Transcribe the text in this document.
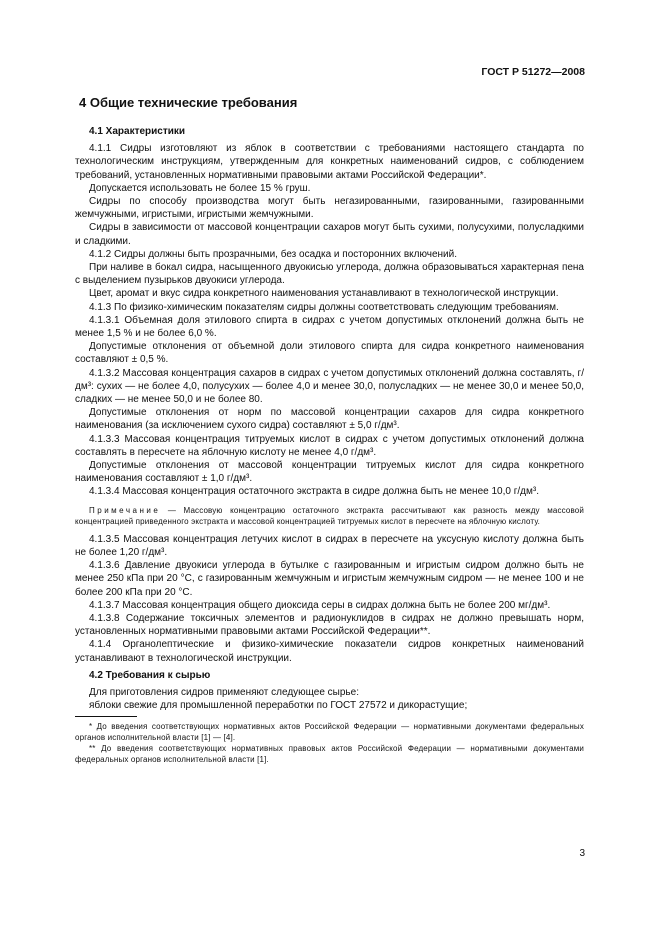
ГОСТ Р 51272—2008

4 Общие технические требования

4.1 Характеристики

4.1.1 Сидры изготовляют из яблок в соответствии с требованиями настоящего стандарта по технологическим инструкциям, утвержденным для конкретных наименований сидров, с соблюдением требований, установленных нормативными правовыми актами Российской Федерации*.

Допускается использовать не более 15 % груш.

Сидры по способу производства могут быть негазированными, газированными, газированными жемчужными, игристыми, игристыми жемчужными.

Сидры в зависимости от массовой концентрации сахаров могут быть сухими, полусухими, полусладкими и сладкими.

4.1.2 Сидры должны быть прозрачными, без осадка и посторонних включений.

При наливе в бокал сидра, насыщенного двуокисью углерода, должна образовываться характерная пена с выделением пузырьков двуокиси углерода.

Цвет, аромат и вкус сидра конкретного наименования устанавливают в технологической инструкции.

4.1.3 По физико-химическим показателям сидры должны соответствовать следующим требованиям.

4.1.3.1 Объемная доля этилового спирта в сидрах с учетом допустимых отклонений должна быть не менее 1,5 % и не более 6,0 %.

Допустимые отклонения от объемной доли этилового спирта для сидра конкретного наименования составляют ± 0,5 %.

4.1.3.2 Массовая концентрация сахаров в сидрах с учетом допустимых отклонений должна составлять, г/дм³: сухих — не более 4,0, полусухих — более 4,0 и менее 30,0, полусладких — не менее 30,0 и менее 50,0, сладких — не менее 50,0 и не более 80.

Допустимые отклонения от норм по массовой концентрации сахаров для сидра конкретного наименования (за исключением сухого сидра) составляют ± 5,0 г/дм³.

4.1.3.3 Массовая концентрация титруемых кислот в сидрах с учетом допустимых отклонений должна составлять в пересчете на яблочную кислоту не менее 4,0 г/дм³.

Допустимые отклонения от массовой концентрации титруемых кислот для сидра конкретного наименования составляют ± 1,0 г/дм³.

4.1.3.4 Массовая концентрация остаточного экстракта в сидре должна быть не менее 10,0 г/дм³.

Примечание — Массовую концентрацию остаточного экстракта рассчитывают как разность между массовой концентрацией приведенного экстракта и массовой концентрацией титруемых кислот в пересчете на яблочную кислоту.

4.1.3.5 Массовая концентрация летучих кислот в сидрах в пересчете на уксусную кислоту должна быть не более 1,20 г/дм³.

4.1.3.6 Давление двуокиси углерода в бутылке с газированным и игристым сидром должно быть не менее 250 кПа при 20 °С, с газированным жемчужным и игристым жемчужным сидром — не менее 100 и не более 200 кПа при 20 °С.

4.1.3.7 Массовая концентрация общего диоксида серы в сидрах должна быть не более 200 мг/дм³.

4.1.3.8 Содержание токсичных элементов и радионуклидов в сидрах не должно превышать норм, установленных нормативными правовыми актами Российской Федерации**.

4.1.4 Органолептические и физико-химические показатели сидров конкретных наименований устанавливают в технологической инструкции.

4.2 Требования к сырью

Для приготовления сидров применяют следующее сырье:

яблоки свежие для промышленной переработки по ГОСТ 27572 и дикорастущие;

* До введения соответствующих нормативных актов Российской Федерации — нормативными документами федеральных органов исполнительной власти [1] — [4].

** До введения соответствующих нормативных правовых актов Российской Федерации — нормативными документами федеральных органов исполнительной власти [1].

3
